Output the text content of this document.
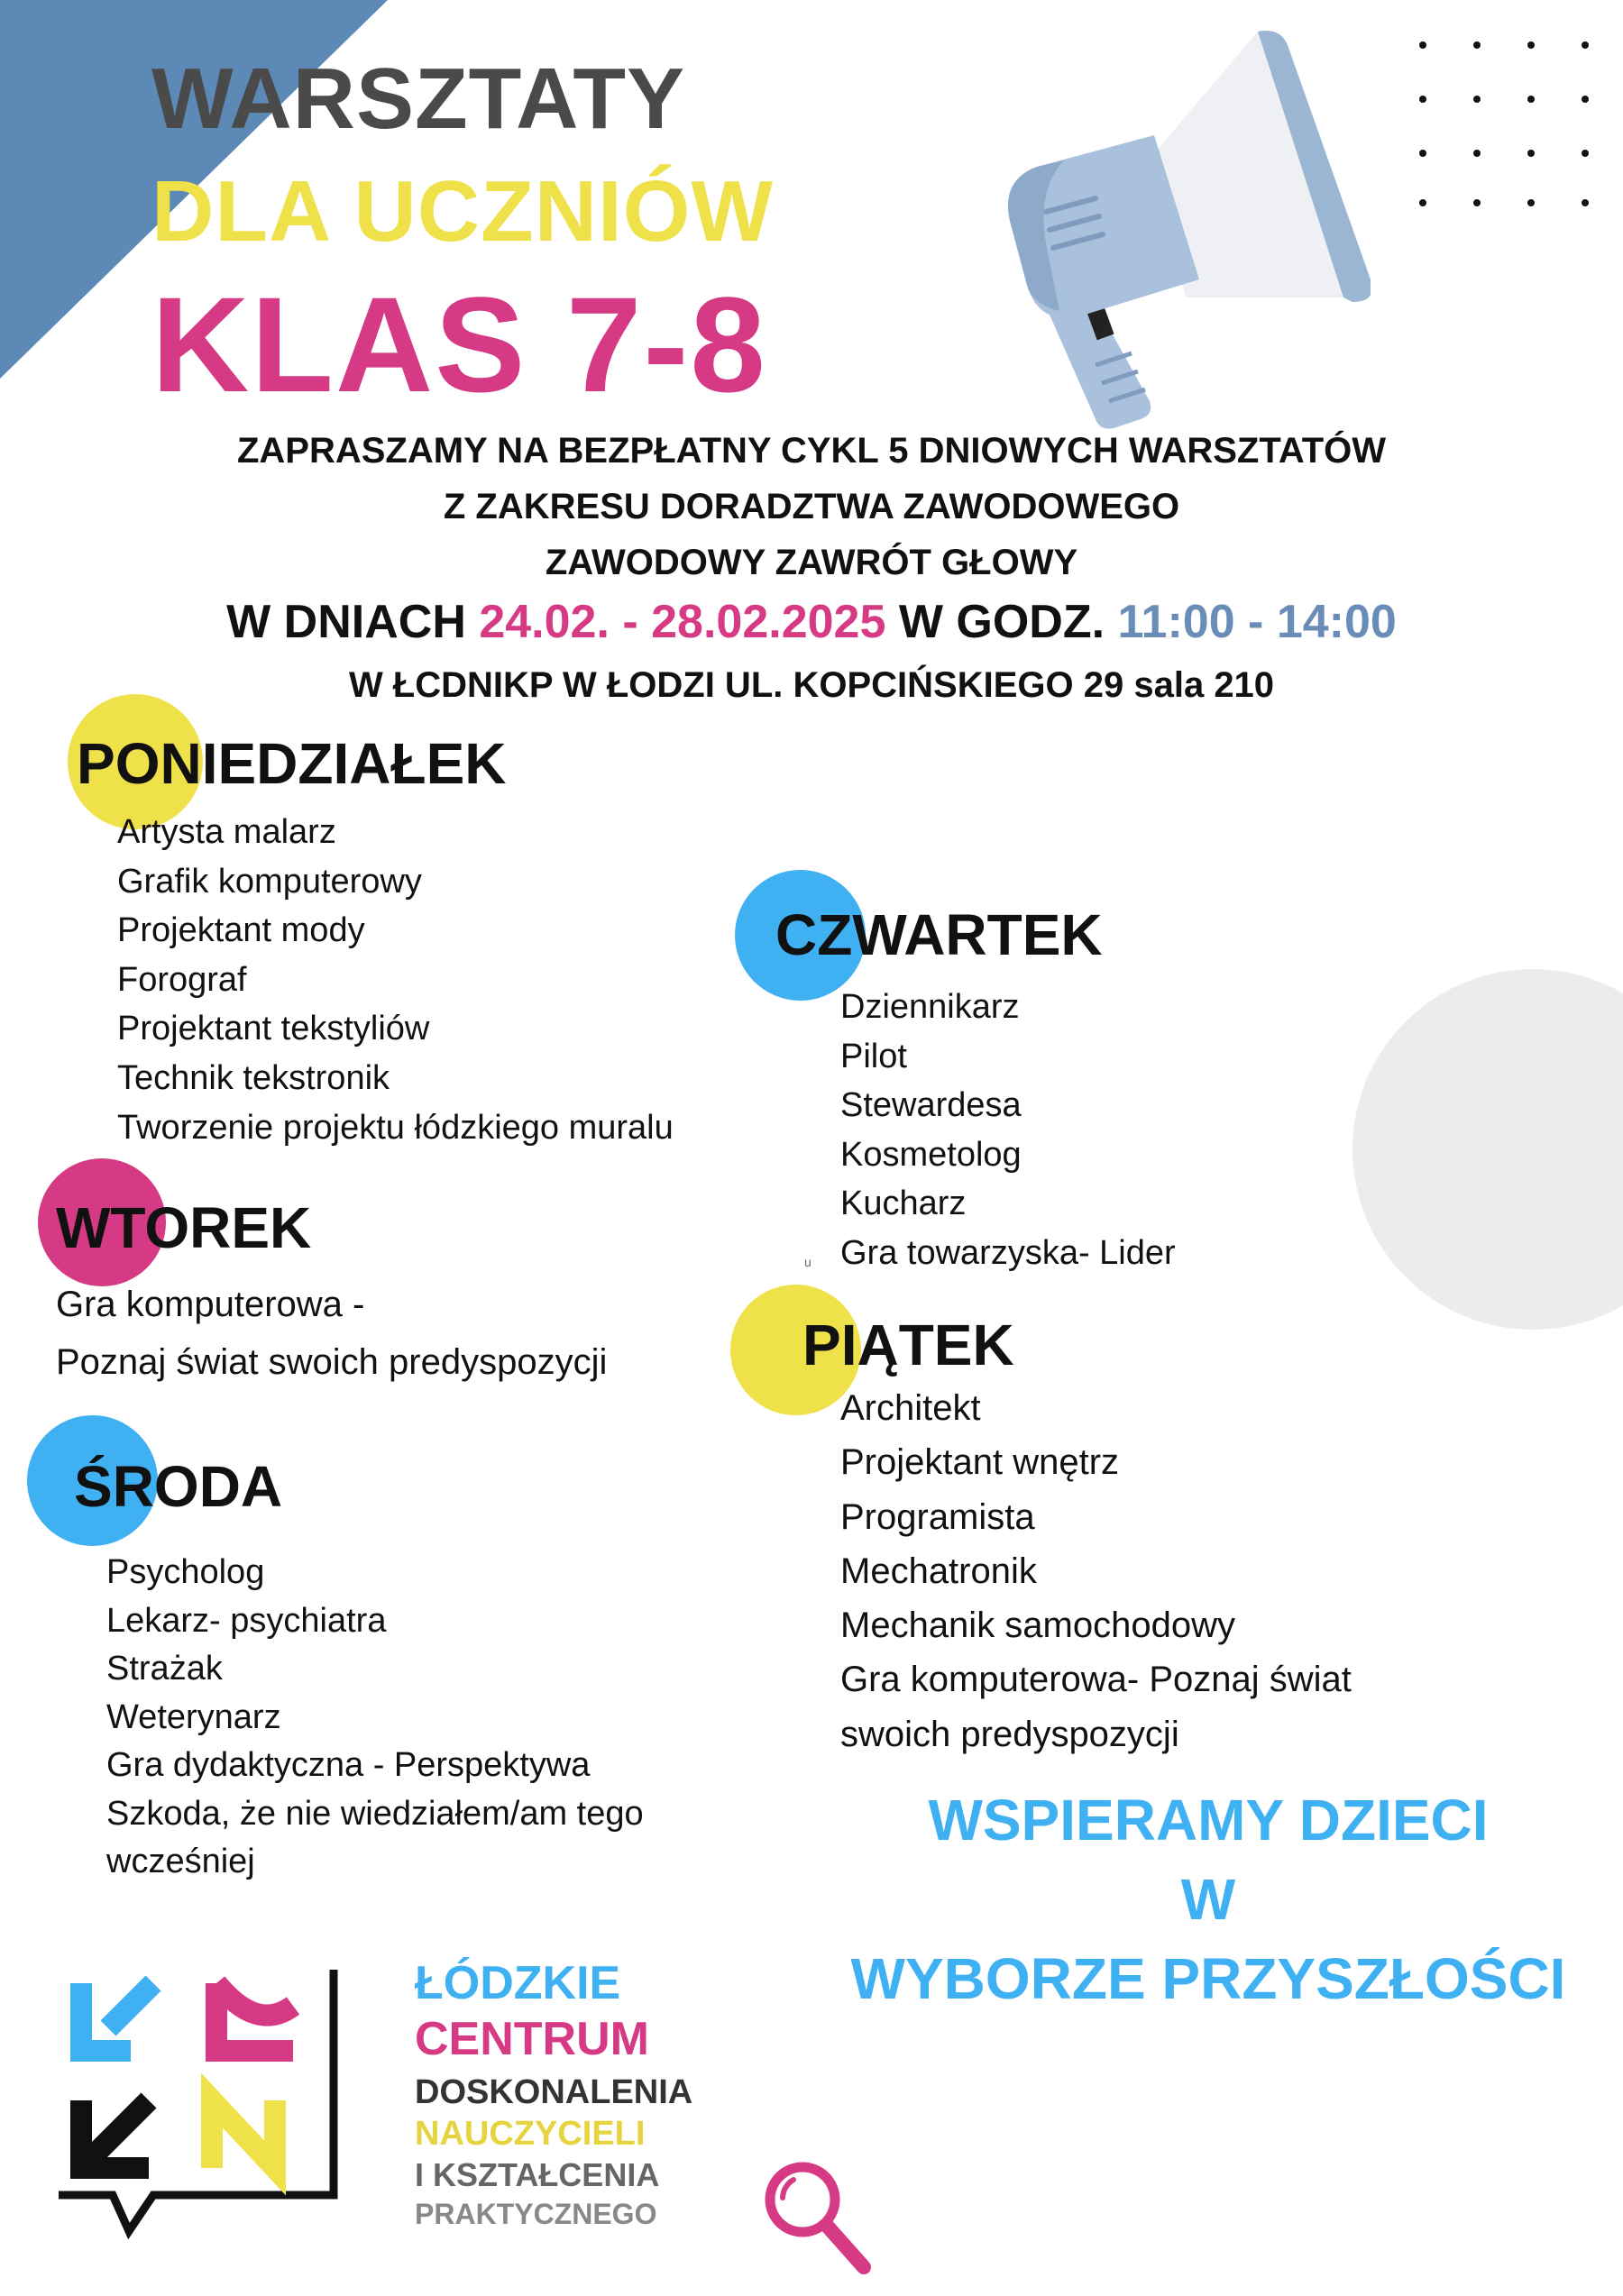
WARSZTATY
DLA UCZNIÓW
KLAS 7-8
ZAPRASZAMY NA BEZPŁATNY CYKL 5 DNIOWYCH WARSZTATÓW
Z ZAKRESU DORADZTWA ZAWODOWEGO
ZAWODOWY ZAWRÓT GŁOWY
W DNIACH 24.02. - 28.02.2025 W GODZ. 11:00 - 14:00
W ŁCDNIKP W ŁODZI UL. KOPCIŃSKIEGO 29 sala 210
PONIEDZIAŁEK
Artysta malarz
Grafik komputerowy
Projektant mody
Forograf
Projektant tekstyliów
Technik tekstronik
Tworzenie projektu łódzkiego muralu
WTOREK
Gra komputerowa -
Poznaj świat swoich predyspozycji
ŚRODA
Psycholog
Lekarz- psychiatra
Strażak
Weterynarz
Gra dydaktyczna - Perspektywa
Szkoda, że nie wiedziałem/am tego
wcześniej
CZWARTEK
Dziennikarz
Pilot
Stewardesa
Kosmetolog
Kucharz
Gra towarzyska- Lider
u
PIĄTEK
Architekt
Projektant wnętrz
Programista
Mechatronik
Mechanik samochodowy
Gra komputerowa- Poznaj świat
swoich predyspozycji
WSPIERAMY DZIECI
W
WYBORZE PRZYSZŁOŚCI
ŁÓDZKIE
CENTRUM
DOSKONALENIA
NAUCZYCIELI
I KSZTAŁCENIA
PRAKTYCZNEGO
